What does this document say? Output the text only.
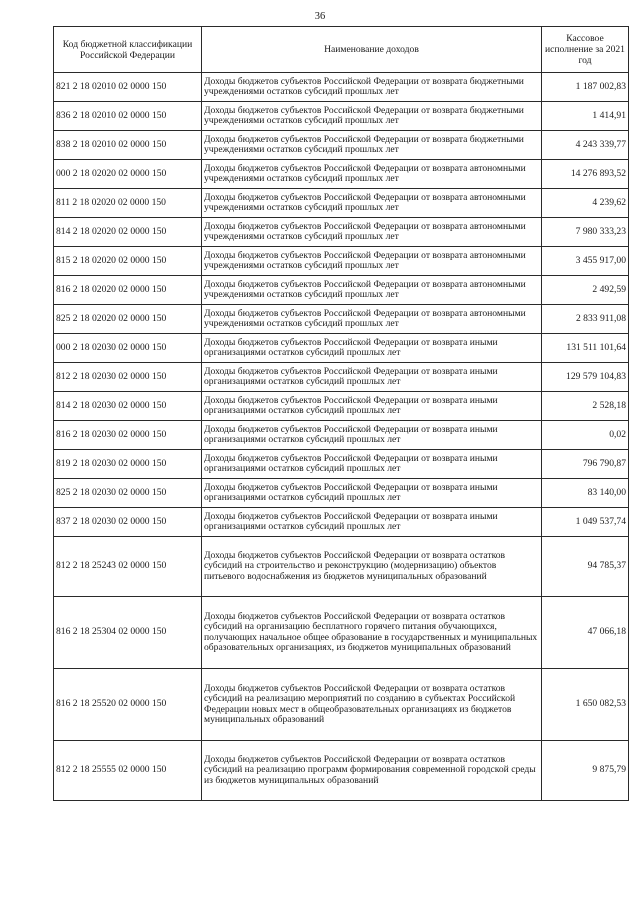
36
Код бюджетной классификации Российской Федерации	Наименование доходов	Кассовое исполнение за 2021 год
821 2 18 02010 02 0000 150	Доходы бюджетов субъектов Российской Федерации от возврата бюджетными учреждениями остатков субсидий прошлых лет	1 187 002,83
836 2 18 02010 02 0000 150	Доходы бюджетов субъектов Российской Федерации от возврата бюджетными учреждениями остатков субсидий прошлых лет	1 414,91
838 2 18 02010 02 0000 150	Доходы бюджетов субъектов Российской Федерации от возврата бюджетными учреждениями остатков субсидий прошлых лет	4 243 339,77
000 2 18 02020 02 0000 150	Доходы бюджетов субъектов Российской Федерации от возврата автономными учреждениями остатков субсидий прошлых лет	14 276 893,52
811 2 18 02020 02 0000 150	Доходы бюджетов субъектов Российской Федерации от возврата автономными учреждениями остатков субсидий прошлых лет	4 239,62
814 2 18 02020 02 0000 150	Доходы бюджетов субъектов Российской Федерации от возврата автономными учреждениями остатков субсидий прошлых лет	7 980 333,23
815 2 18 02020 02 0000 150	Доходы бюджетов субъектов Российской Федерации от возврата автономными учреждениями остатков субсидий прошлых лет	3 455 917,00
816 2 18 02020 02 0000 150	Доходы бюджетов субъектов Российской Федерации от возврата автономными учреждениями остатков субсидий прошлых лет	2 492,59
825 2 18 02020 02 0000 150	Доходы бюджетов субъектов Российской Федерации от возврата автономными учреждениями остатков субсидий прошлых лет	2 833 911,08
000 2 18 02030 02 0000 150	Доходы бюджетов субъектов Российской Федерации от возврата иными организациями остатков субсидий прошлых лет	131 511 101,64
812 2 18 02030 02 0000 150	Доходы бюджетов субъектов Российской Федерации от возврата иными организациями остатков субсидий прошлых лет	129 579 104,83
814 2 18 02030 02 0000 150	Доходы бюджетов субъектов Российской Федерации от возврата иными организациями остатков субсидий прошлых лет	2 528,18
816 2 18 02030 02 0000 150	Доходы бюджетов субъектов Российской Федерации от возврата иными организациями остатков субсидий прошлых лет	0,02
819 2 18 02030 02 0000 150	Доходы бюджетов субъектов Российской Федерации от возврата иными организациями остатков субсидий прошлых лет	796 790,87
825 2 18 02030 02 0000 150	Доходы бюджетов субъектов Российской Федерации от возврата иными организациями остатков субсидий прошлых лет	83 140,00
837 2 18 02030 02 0000 150	Доходы бюджетов субъектов Российской Федерации от возврата иными организациями остатков субсидий прошлых лет	1 049 537,74
812 2 18 25243 02 0000 150	Доходы бюджетов субъектов Российской Федерации от возврата остатков субсидий на строительство и реконструкцию (модернизацию) объектов питьевого водоснабжения из бюджетов муниципальных образований	94 785,37
816 2 18 25304 02 0000 150	Доходы бюджетов субъектов Российской Федерации от возврата остатков субсидий на организацию бесплатного горячего питания обучающихся, получающих начальное общее образование в государственных и муниципальных образовательных организациях, из бюджетов муниципальных образований	47 066,18
816 2 18 25520 02 0000 150	Доходы бюджетов субъектов Российской Федерации от возврата остатков субсидий на реализацию мероприятий по созданию в субъектах Российской Федерации новых мест в общеобразовательных организациях из бюджетов муниципальных образований	1 650 082,53
812 2 18 25555 02 0000 150	Доходы бюджетов субъектов Российской Федерации от возврата остатков субсидий на реализацию программ формирования современной городской среды из бюджетов муниципальных образований	9 875,79
